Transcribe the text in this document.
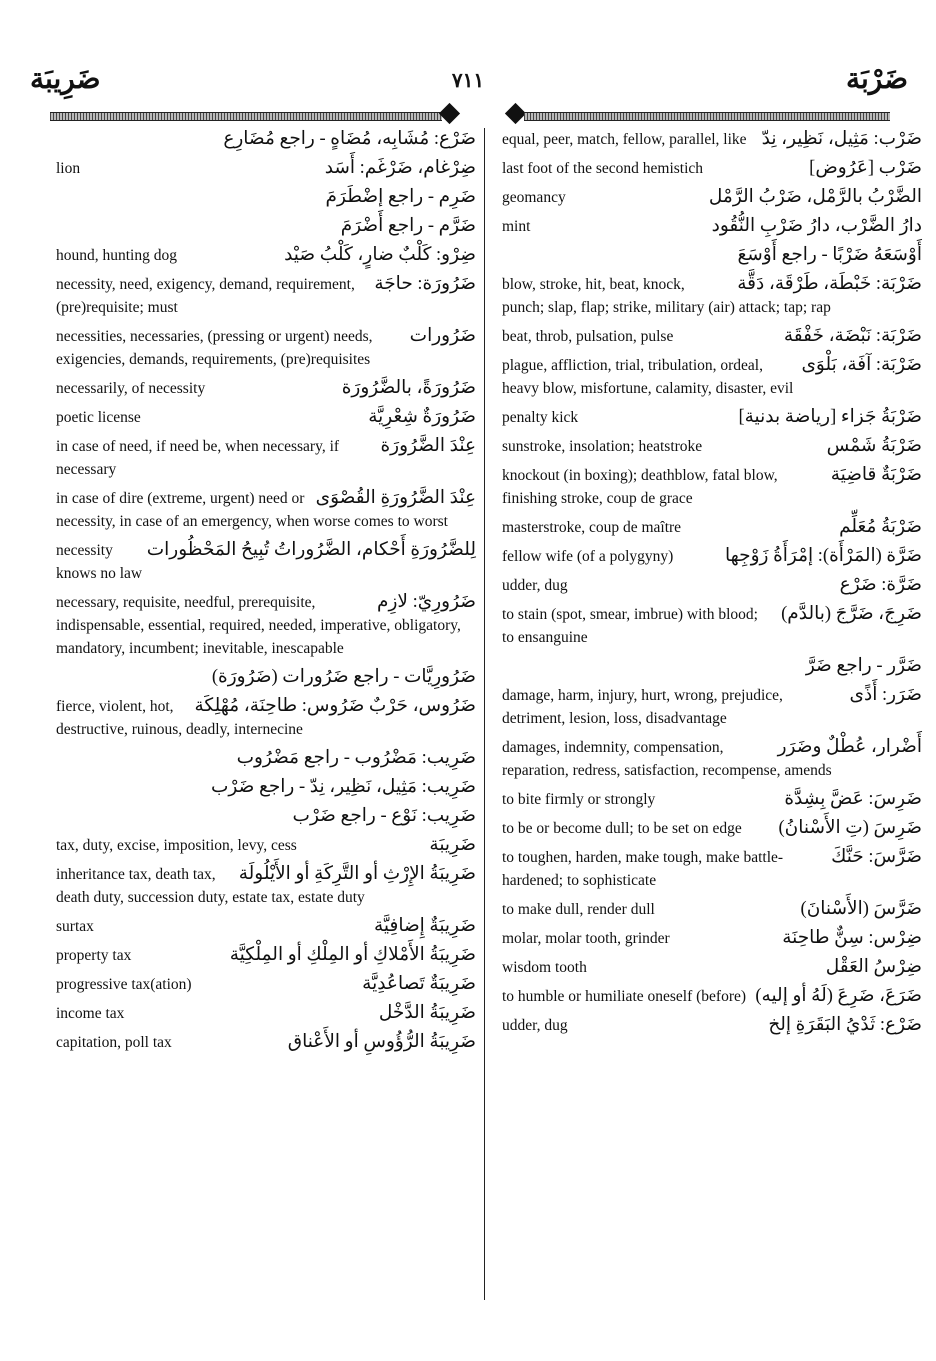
ضَرِيبَة	٧١١	ضَرْبَة
ضَرْع: مُشَابِه، مُضَاهٍ - راجع مُضَارِع
ضِرْغام، ضَرْغَم: أَسَد
lion
ضَرِم - راجع إضْطَرَمَ
ضَرَّم - راجع أَضْرَمَ
ضِرْو: كَلْبٌ ضارٍ، كَلْبُ صَيْد
hound, hunting dog
ضَرُورَة: حاجَة
necessity, need, exigency, demand, requirement, (pre)requisite; must
ضَرُورات
necessities, necessaries, (pressing or urgent) needs, exigencies, demands, requirements, (pre)requisites
ضَرُورَةً، بالضَّرُورَة
necessarily, of necessity
ضَرُورَةٌ شِعْرِيَّة
poetic license
عِنْدَ الضَّرُورَة
in case of need, if need be, when necessary, if necessary
عِنْدَ الضَّرُورَةِ القُصْوَى
in case of dire (extreme, urgent) need or necessity, in case of an emergency, when worse comes to worst
لِلضَّرُورَةِ أَحْكام، الضَّرُوراتُ تُبِيحُ المَحْظُورات
necessity knows no law
ضَرُورِيّ: لازِم
necessary, requisite, needful, prerequisite, indispensable, essential, required, needed, imperative, obligatory, mandatory, incumbent; inevitable, inescapable
ضَرُورِيَّات - راجع ضَرُورات (ضَرُورَة)
ضَرُوس، حَرْبٌ ضَرُوس: طاحِنَة، مُهْلِكَة
fierce, violent, hot, destructive, ruinous, deadly, internecine
ضَرِيب: مَضْرُوب - راجع مَضْرُوب
ضَرِيب: مَثِيل، نَظِير، نِدّ - راجع ضَرْب
ضَرِيب: نَوْع - راجع ضَرْب
ضَرِيبَة
tax, duty, excise, imposition, levy, cess
ضَرِيبَةُ الإِرْثِ أو التَّرِكَةِ أو الأَيْلُولَة
inheritance tax, death tax, death duty, succession duty, estate tax, estate duty
ضَرِيبَةٌ إِضافِيَّة
surtax
ضَرِيبَةُ الأَمْلاكِ أو المِلْكِ أو المِلْكِيَّة
property tax
ضَرِيبَةٌ تَصاعُدِيَّة
progressive tax(ation)
ضَرِيبَةُ الدَّخْل
income tax
ضَرِيبَةُ الرُّؤُوسِ أو الأَعْناق
capitation, poll tax
ضَرْب: مَثِيل، نَظِير، نِدّ
equal, peer, match, fellow, parallel, like
ضَرْب [عَرُوض]
last foot of the second hemistich
الضَّرْبُ بالرَّمْل، ضَرْبُ الرَّمْل
geomancy
دارُ الضَّرْب، دارُ ضَرْبِ النُّقُود
mint
أَوْسَعَهُ ضَرْبًا - راجع أَوْسَعَ
ضَرْبَة: خَبْطَة، طَرْقَة، دَقَّة
blow, stroke, hit, beat, knock, punch; slap, flap; strike, military (air) attack; tap; rap
ضَرْبَة: نَبْضَة، خَفْقَة
beat, throb, pulsation, pulse
ضَرْبَة: آفَة، بَلْوَى
plague, affliction, trial, tribulation, ordeal, heavy blow, misfortune, calamity, disaster, evil
ضَرْبَةُ جَزاء [رياضة بدنية]
penalty kick
ضَرْبَةُ شَمْس
sunstroke, insolation; heatstroke
ضَرْبَةٌ قاضِيَة
knockout (in boxing); deathblow, fatal blow, finishing stroke, coup de grace
ضَرْبَةُ مُعَلِّم
masterstroke, coup de maître
ضَرَّة (المَرْأَة): إمْرَأَةُ زَوْجِها
fellow wife (of a polygyny)
ضَرَّة: ضَرْع
udder, dug
ضَرِجَ، ضَرَّجَ (بالدَّم)
to stain (spot, smear, imbrue) with blood; to ensanguine
ضَرَّر - راجع ضَرَّ
ضَرَر: أَذًى
damage, harm, injury, hurt, wrong, prejudice, detriment, lesion, loss, disadvantage
أَضْرار، عُطْلٌ وضَرَر
damages, indemnity, compensation, reparation, redress, satisfaction, recompense, amends
ضَرِسَ: عَضَّ بِشِدَّة
to bite firmly or strongly
ضَرِسَ (تِ الأَسْنانُ)
to be or become dull; to be set on edge
ضَرَّسَ: حَنَّكَ
to toughen, harden, make tough, make battle-hardened; to sophisticate
ضَرَّسَ (الأَسْنانَ)
to make dull, render dull
ضِرْس: سِنٌّ طاحِنَة
molar, molar tooth, grinder
ضِرْسُ العَقْل
wisdom tooth
ضَرَعَ، ضَرِعَ (لَهُ أو إليه)
to humble or humiliate oneself (before)
ضَرْع: ثَدْيُ البَقَرَةِ إلخ
udder, dug
